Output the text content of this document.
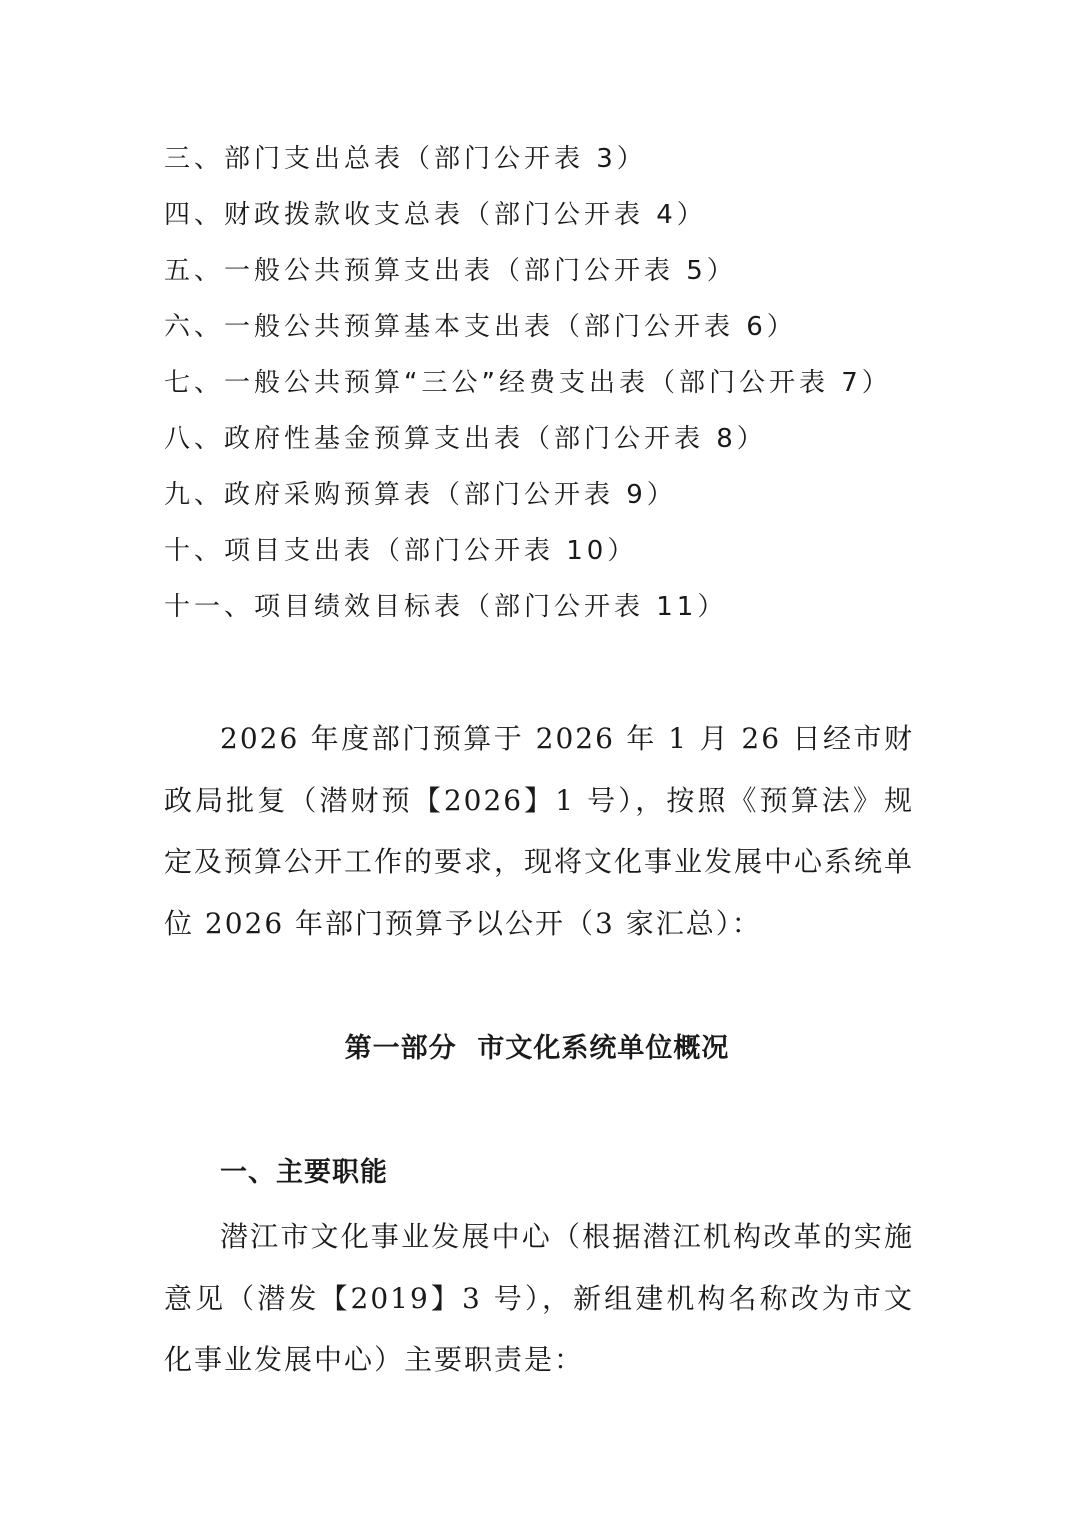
三、部门支出总表（部门公开表 3）
四、财政拨款收支总表（部门公开表 4）
五、一般公共预算支出表（部门公开表 5）
六、一般公共预算基本支出表（部门公开表 6）
七、一般公共预算“三公”经费支出表（部门公开表 7）
八、政府性基金预算支出表（部门公开表 8）
九、政府采购预算表（部门公开表 9）
十、项目支出表（部门公开表 10）
十一、项目绩效目标表（部门公开表 11）

2026 年度部门预算于 2026 年 1 月 26 日经市财政局批复（潜财预【2026】1 号），按照《预算法》规定及预算公开工作的要求，现将文化事业发展中心系统单位 2026 年部门预算予以公开（3 家汇总）：

第一部分  市文化系统单位概况
一、主要职能

潜江市文化事业发展中心（根据潜江机构改革的实施意见（潜发【2019】3 号），新组建机构名称改为市文化事业发展中心）主要职责是：
